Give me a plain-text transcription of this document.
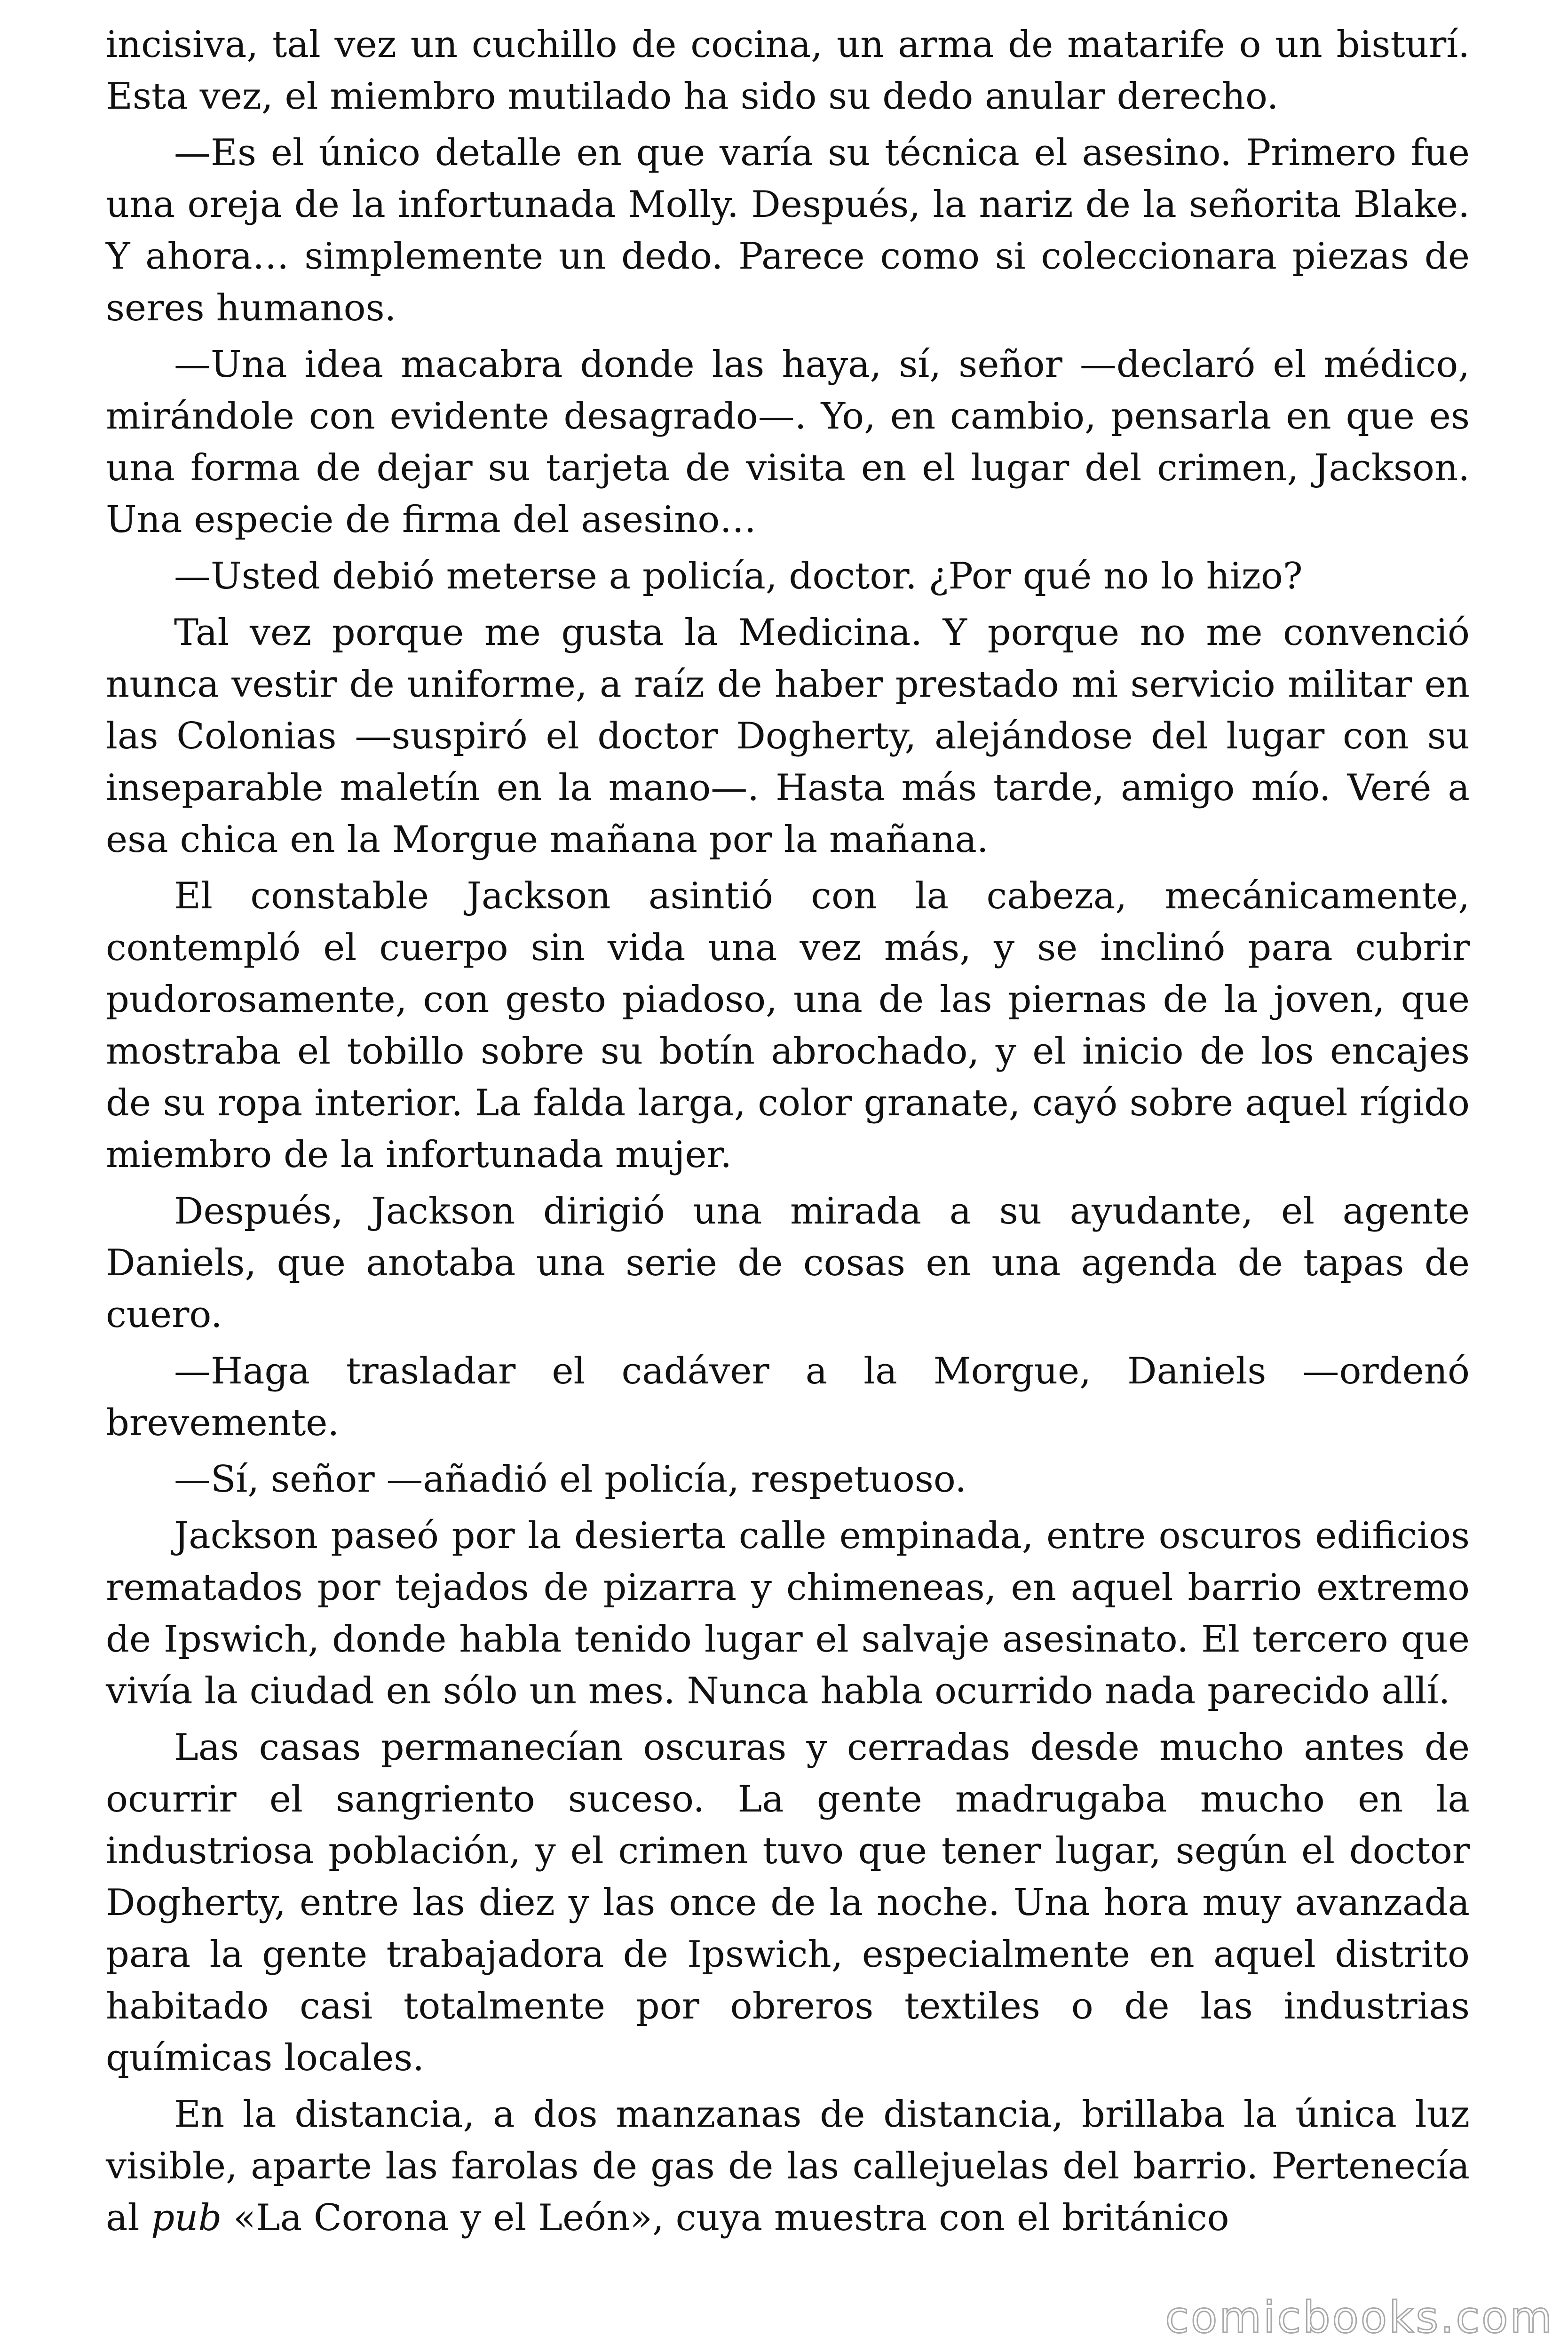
incisiva, tal vez un cuchillo de cocina, un arma de matarife o un bisturí. Esta vez, el miembro mutilado ha sido su dedo anular derecho.

—Es el único detalle en que varía su técnica el asesino. Primero fue una oreja de la infortunada Molly. Después, la nariz de la señorita Blake. Y ahora… simplemente un dedo. Parece como si coleccionara piezas de seres humanos.

—Una idea macabra donde las haya, sí, señor —declaró el médico, mirándole con evidente desagrado—. Yo, en cambio, pensarla en que es una forma de dejar su tarjeta de visita en el lugar del crimen, Jackson. Una especie de firma del asesino…

—Usted debió meterse a policía, doctor. ¿Por qué no lo hizo?

Tal vez porque me gusta la Medicina. Y porque no me convenció nunca vestir de uniforme, a raíz de haber prestado mi servicio militar en las Colonias —suspiró el doctor Dogherty, alejándose del lugar con su inseparable maletín en la mano—. Hasta más tarde, amigo mío. Veré a esa chica en la Morgue mañana por la mañana.

El constable Jackson asintió con la cabeza, mecánicamente, contempló el cuerpo sin vida una vez más, y se inclinó para cubrir pudorosamente, con gesto piadoso, una de las piernas de la joven, que mostraba el tobillo sobre su botín abrochado, y el inicio de los encajes de su ropa interior. La falda larga, color granate, cayó sobre aquel rígido miembro de la infortunada mujer.

Después, Jackson dirigió una mirada a su ayudante, el agente Daniels, que anotaba una serie de cosas en una agenda de tapas de cuero.

—Haga trasladar el cadáver a la Morgue, Daniels —ordenó brevemente.

—Sí, señor —añadió el policía, respetuoso.

Jackson paseó por la desierta calle empinada, entre oscuros edificios rematados por tejados de pizarra y chimeneas, en aquel barrio extremo de Ipswich, donde habla tenido lugar el salvaje asesinato. El tercero que vivía la ciudad en sólo un mes. Nunca habla ocurrido nada parecido allí.

Las casas permanecían oscuras y cerradas desde mucho antes de ocurrir el sangriento suceso. La gente madrugaba mucho en la industriosa población, y el crimen tuvo que tener lugar, según el doctor Dogherty, entre las diez y las once de la noche. Una hora muy avanzada para la gente trabajadora de Ipswich, especialmente en aquel distrito habitado casi totalmente por obreros textiles o de las industrias químicas locales.

En la distancia, a dos manzanas de distancia, brillaba la única luz visible, aparte las farolas de gas de las callejuelas del barrio. Pertenecía al pub «La Corona y el León», cuya muestra con el británico

comicbooks.com
